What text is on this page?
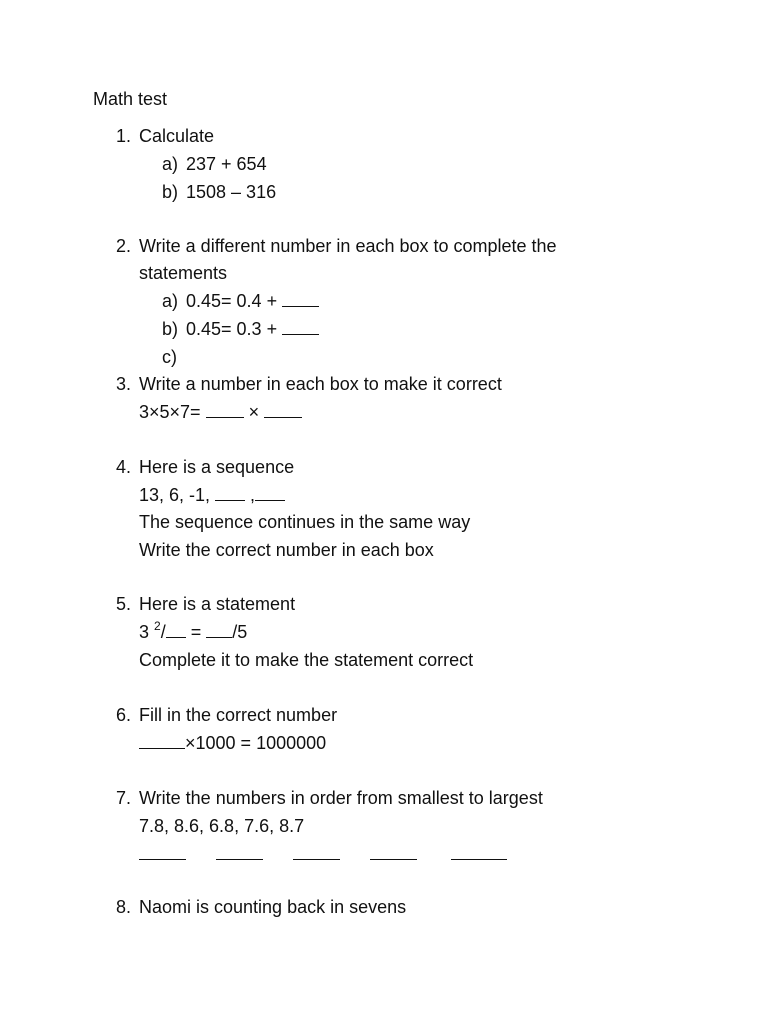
Math test
1. Calculate
a) 237 + 654
b) 1508 – 316
2. Write a different number in each box to complete the
statements
a) 0.45= 0.4 +
b) 0.45= 0.3 +
c)
3. Write a number in each box to make it correct
3×5×7=  ×
4. Here is a sequence
13, 6, -1,  ,
The sequence continues in the same way
Write the correct number in each box
5. Here is a statement
3 $^2$/ = /5
Complete it to make the statement correct
6. Fill in the correct number
×1000 = 1000000
7. Write the numbers in order from smallest to largest
7.8, 8.6, 6.8, 7.6, 8.7
8. Naomi is counting back in sevens
